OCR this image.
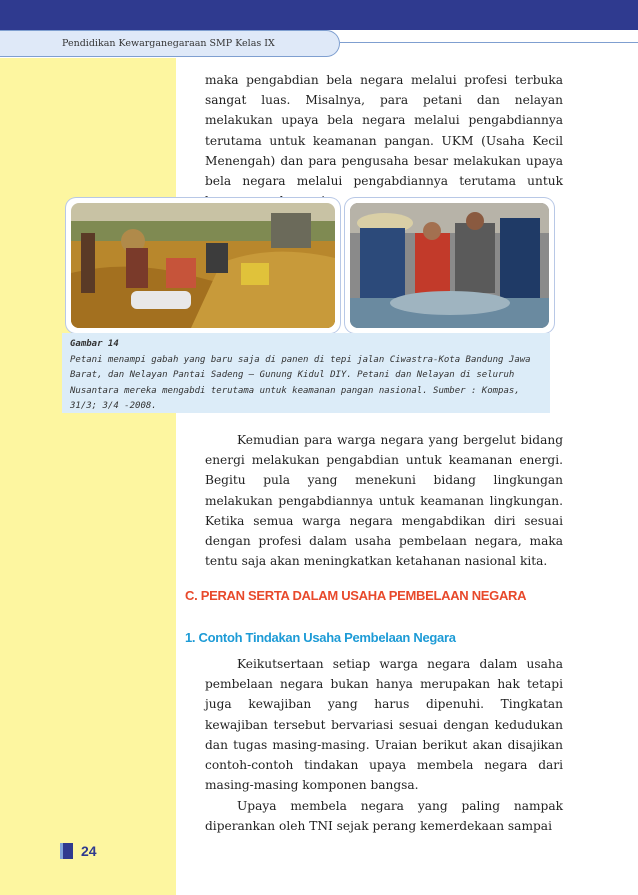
Pendidikan Kewarganegaraan SMP Kelas IX

maka pengabdian bela negara melalui profesi terbuka sangat luas. Misalnya, para petani dan nelayan melakukan upaya bela negara melalui pengabdiannya terutama untuk keamanan pangan. UKM (Usaha Kecil Menengah) dan para pengusaha besar melakukan upaya bela negara melalui pengabdiannya terutama untuk

Gambar 14
Petani menampi gabah yang baru saja di panen di tepi jalan Ciwastra-Kota Bandung Jawa Barat, dan Nelayan Pantai Sadeng – Gunung Kidul DIY. Petani dan Nelayan di seluruh Nusantara mereka mengabdi terutama untuk keamanan pangan nasional. Sumber : Kompas, 31/3; 3/4 -2008.

Kemudian para warga negara yang bergelut bidang energi melakukan pengabdian untuk keamanan energi. Begitu pula yang menekuni bidang lingkungan melakukan pengabdiannya untuk keamanan lingkungan. Ketika semua warga negara mengabdikan diri sesuai dengan profesi dalam usaha pembelaan negara, maka tentu saja akan meningkatkan ketahanan nasional kita.

C. PERAN SERTA DALAM USAHA PEMBELAAN NEGARA
1. Contoh Tindakan Usaha Pembelaan Negara

Keikutsertaan setiap warga negara dalam usaha pembelaan negara bukan hanya merupakan hak tetapi juga kewajiban yang harus dipenuhi. Tingkatan kewajiban tersebut bervariasi sesuai dengan kedudukan dan tugas masing-masing. Uraian berikut akan disajikan contoh-contoh tindakan upaya membela negara dari masing-masing komponen bangsa.

Upaya membela negara yang paling nampak diperankan oleh TNI sejak perang kemerdekaan sampai

24
